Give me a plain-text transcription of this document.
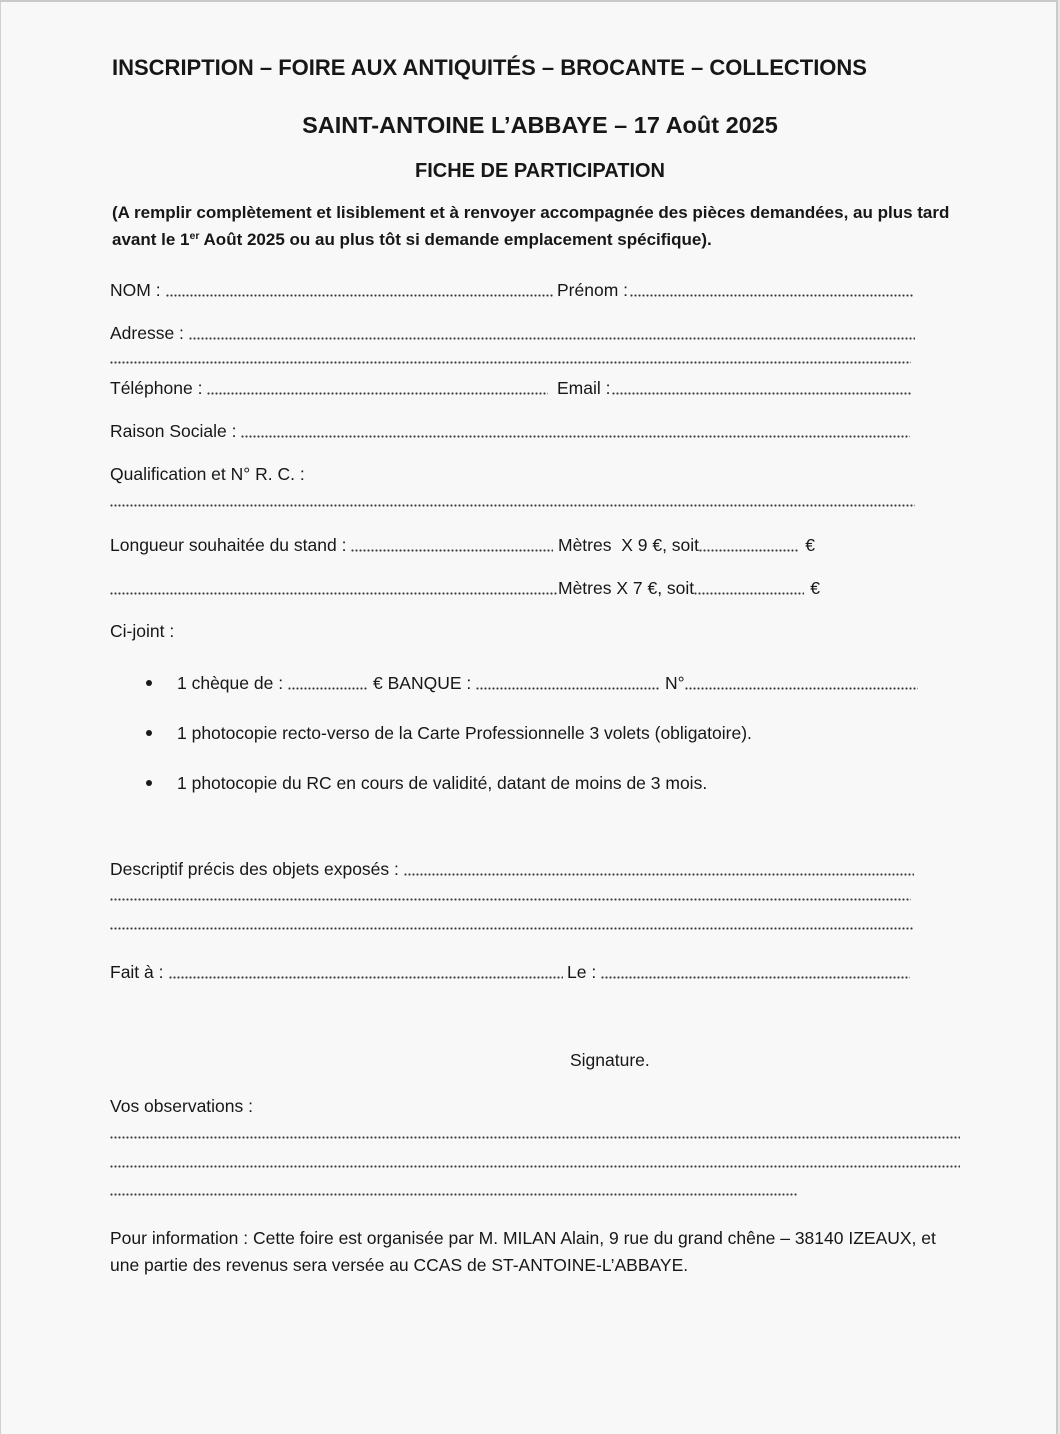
INSCRIPTION – FOIRE AUX ANTIQUITÉS – BROCANTE – COLLECTIONS
SAINT-ANTOINE L’ABBAYE – 17 Août 2025
FICHE DE PARTICIPATION
(A remplir complètement et lisiblement et à renvoyer accompagnée des pièces demandées, au plus tard
avant le 1er Août 2025 ou au plus tôt si demande emplacement spécifique).
NOM :	Prénom :
Adresse :
Téléphone :	Email :
Raison Sociale :
Qualification et N° R. C. :
Longueur souhaitée du stand :	Mètres  X 9 €, soit	€
Mètres X 7 €, soit	€
Ci-joint :
1 chèque de :	€ BANQUE :	N°
1 photocopie recto-verso de la Carte Professionnelle 3 volets (obligatoire).
1 photocopie du RC en cours de validité, datant de moins de 3 mois.
Descriptif précis des objets exposés :
Fait à :	Le :
Signature.
Vos observations :
Pour information : Cette foire est organisée par M. MILAN Alain, 9 rue du grand chêne – 38140 IZEAUX, et
une partie des revenus sera versée au CCAS de ST-ANTOINE-L’ABBAYE.
